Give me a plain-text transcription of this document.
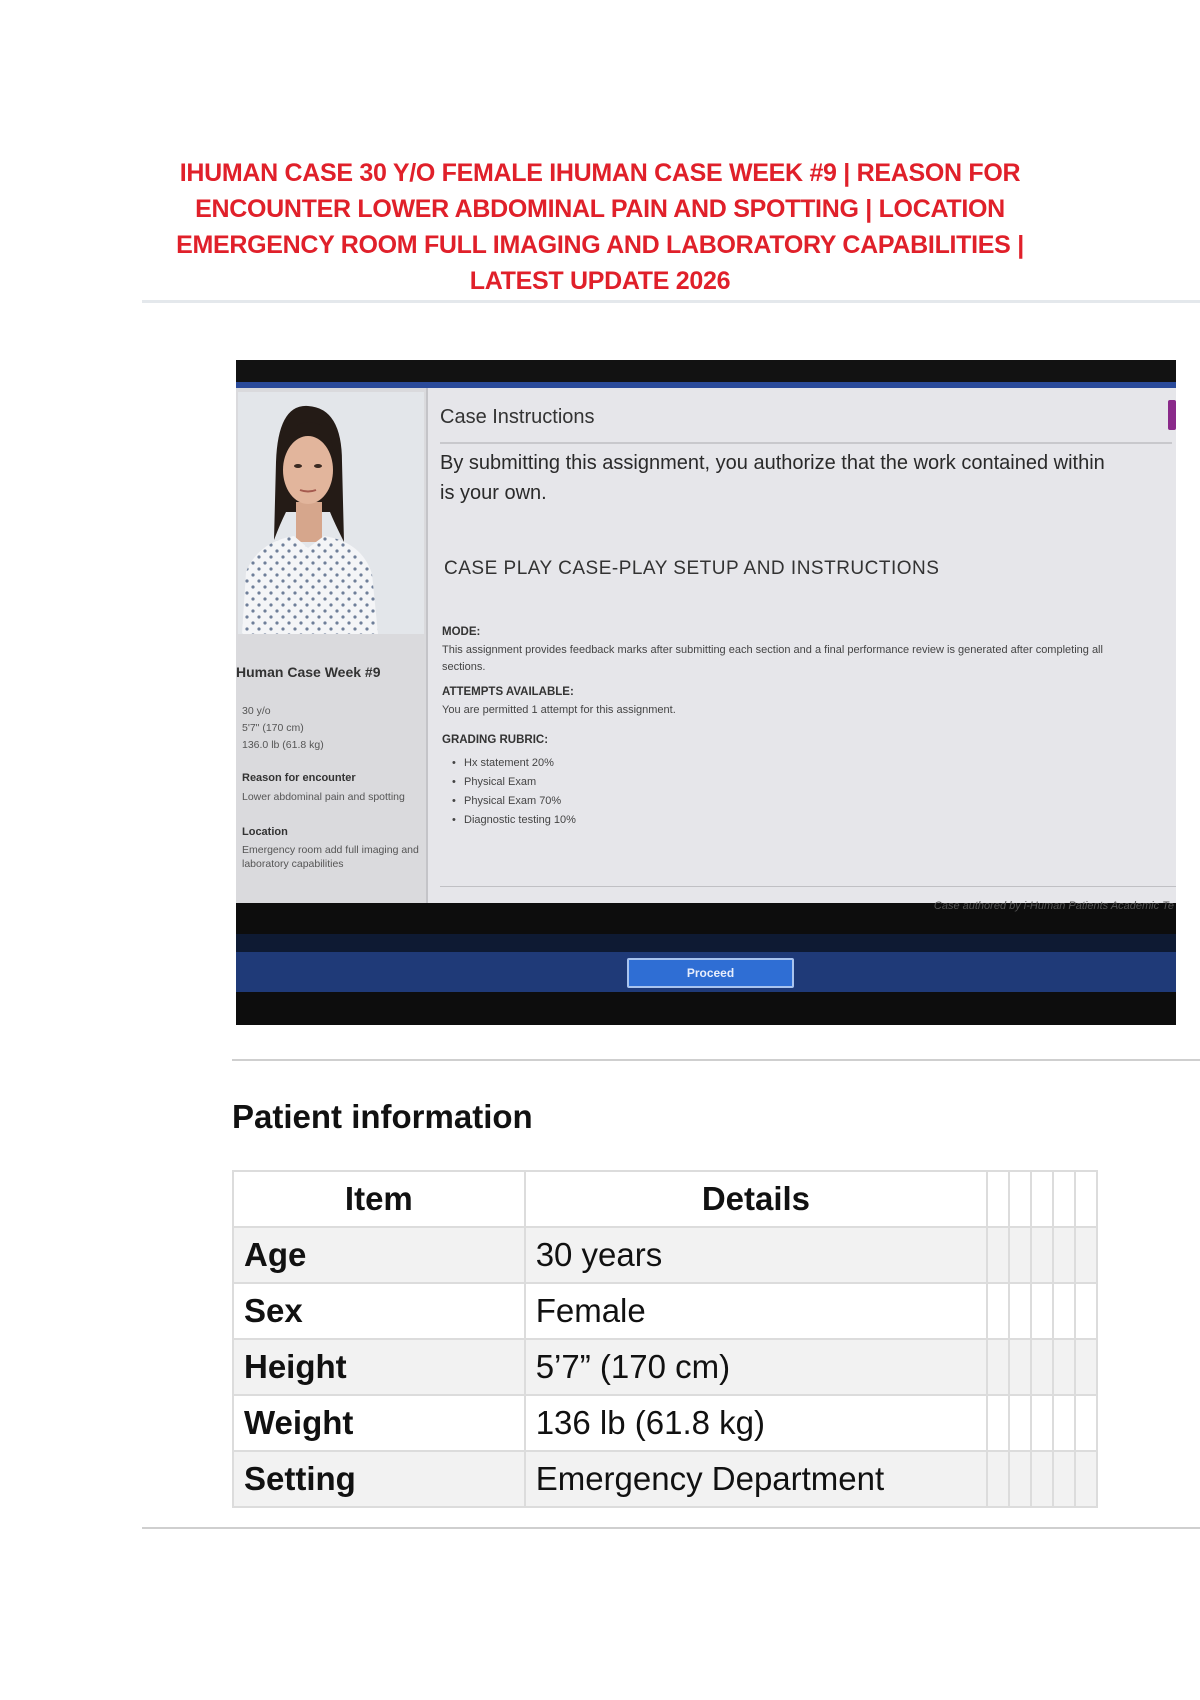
IHUMAN CASE 30 Y/O FEMALE IHUMAN CASE WEEK #9 | REASON FOR ENCOUNTER LOWER ABDOMINAL PAIN AND SPOTTING | LOCATION EMERGENCY ROOM FULL IMAGING AND LABORATORY CAPABILITIES | LATEST UPDATE 2026
Human Case Week #9
30 y/o
5'7" (170 cm)
136.0 lb (61.8 kg)
Reason for encounter
Lower abdominal pain and spotting
Location
Emergency room add full imaging and laboratory capabilities
Case Instructions
By submitting this assignment, you authorize that the work contained within is your own.
CASE PLAY CASE-PLAY SETUP AND INSTRUCTIONS
MODE:
This assignment provides feedback marks after submitting each section and a final performance review is generated after completing all sections.
ATTEMPTS AVAILABLE:
You are permitted 1 attempt for this assignment.
GRADING RUBRIC:
• Hx statement 20%
• Physical Exam
• Physical Exam 70%
• Diagnostic testing 10%
Case authored by i-Human Patients Academic Te
Proceed
Patient information
Item	Details					
Age	30 years					
Sex	Female					
Height	5’7” (170 cm)					
Weight	136 lb (61.8 kg)					
Setting	Emergency Department					
